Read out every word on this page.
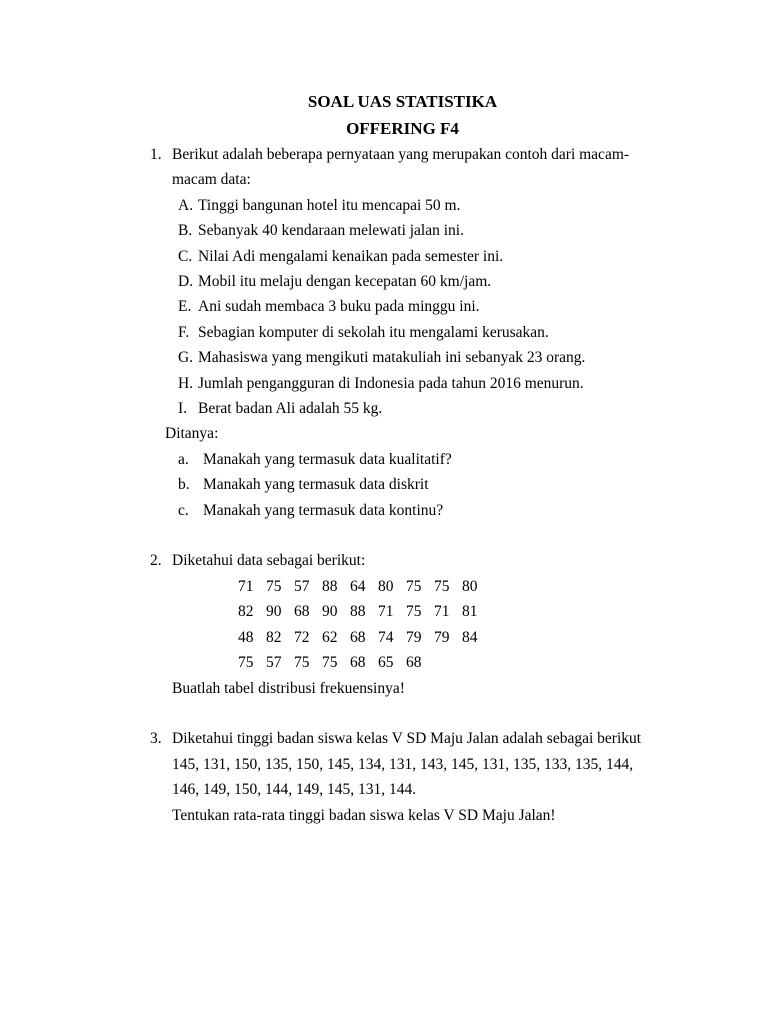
SOAL UAS STATISTIKA

OFFERING F4

1. Berikut adalah beberapa pernyataan yang merupakan contoh dari macam-macam data:

A. Tinggi bangunan hotel itu mencapai 50 m.
B. Sebanyak 40 kendaraan melewati jalan ini.
C. Nilai Adi mengalami kenaikan pada semester ini.
D. Mobil itu melaju dengan kecepatan 60 km/jam.
E. Ani sudah membaca 3 buku pada minggu ini.
F. Sebagian komputer di sekolah itu mengalami kerusakan.
G. Mahasiswa yang mengikuti matakuliah ini sebanyak 23 orang.
H. Jumlah pengangguran di Indonesia pada tahun 2016 menurun.
I. Berat badan Ali adalah 55 kg.

Ditanya:

a. Manakah yang termasuk data kualitatif?
b. Manakah yang termasuk data diskrit
c. Manakah yang termasuk data kontinu?
2. Diketahui data sebagai berikut:

71 75 57 88 64 80 75 75 80
82 90 68 90 88 71 75 71 81
48 82 72 62 68 74 79 79 84
75 57 75 75 68 65 68

Buatlah tabel distribusi frekuensinya!

3. Diketahui tinggi badan siswa kelas V SD Maju Jalan adalah sebagai berikut 145, 131, 150, 135, 150, 145, 134, 131, 143, 145, 131, 135, 133, 135, 144, 146, 149, 150, 144, 149, 145, 131, 144.

Tentukan rata-rata tinggi badan siswa kelas V SD Maju Jalan!
